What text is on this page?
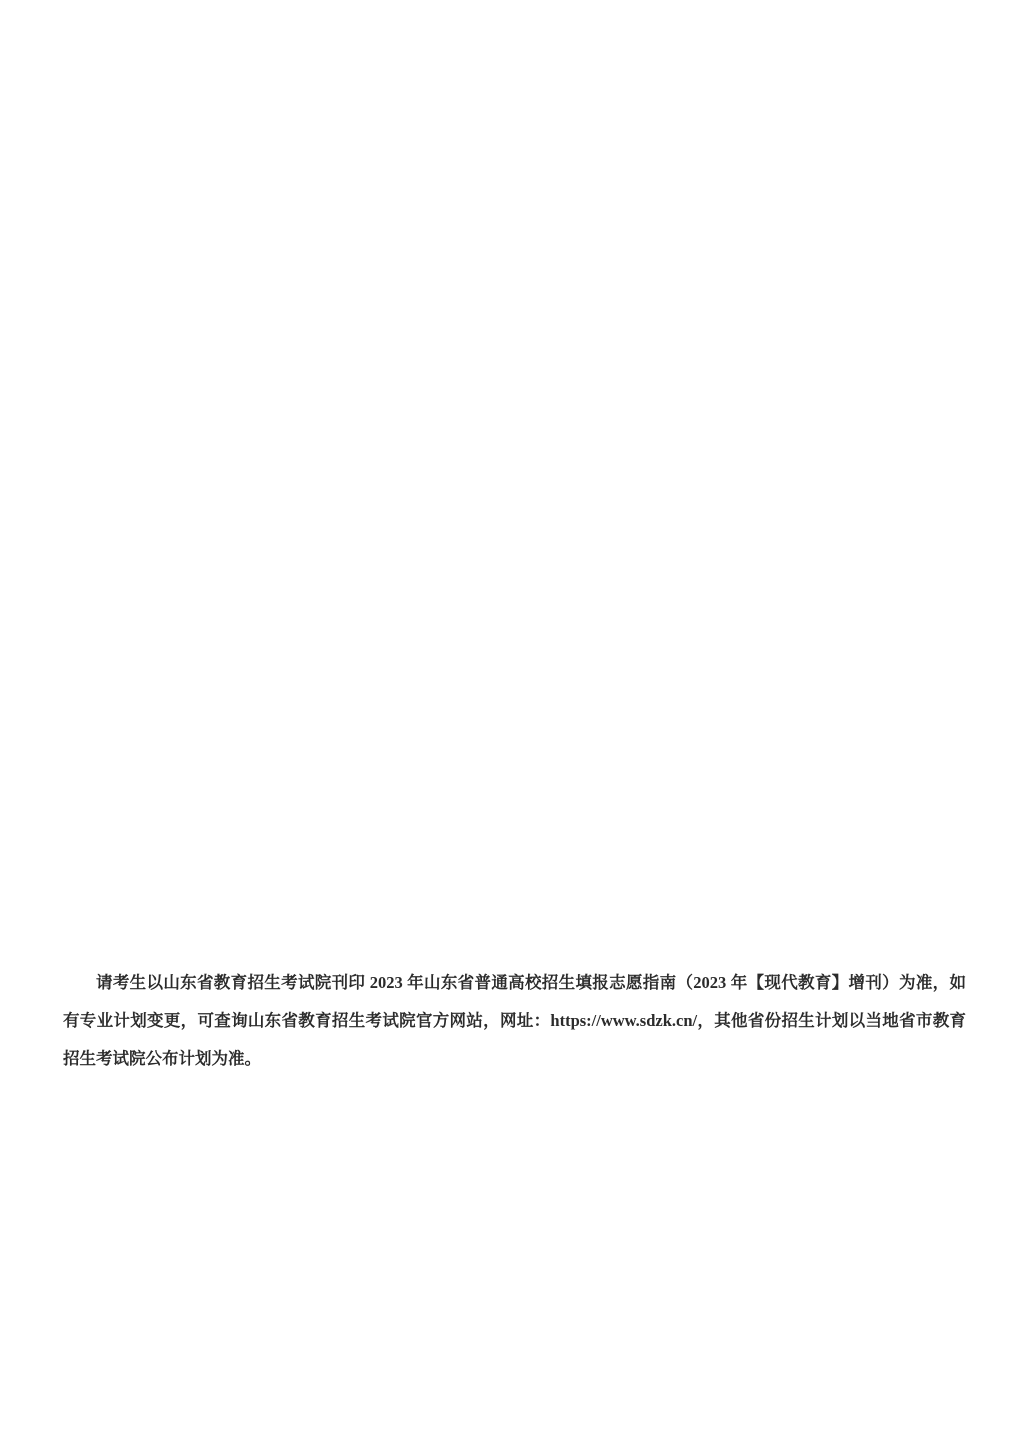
请考生以山东省教育招生考试院刊印 2023 年山东省普通高校招生填报志愿指南（2023 年【现代教育】增刊）为准，如有专业计划变更，可查询山东省教育招生考试院官方网站，网址：https://www.sdzk.cn/，其他省份招生计划以当地省市教育招生考试院公布计划为准。
